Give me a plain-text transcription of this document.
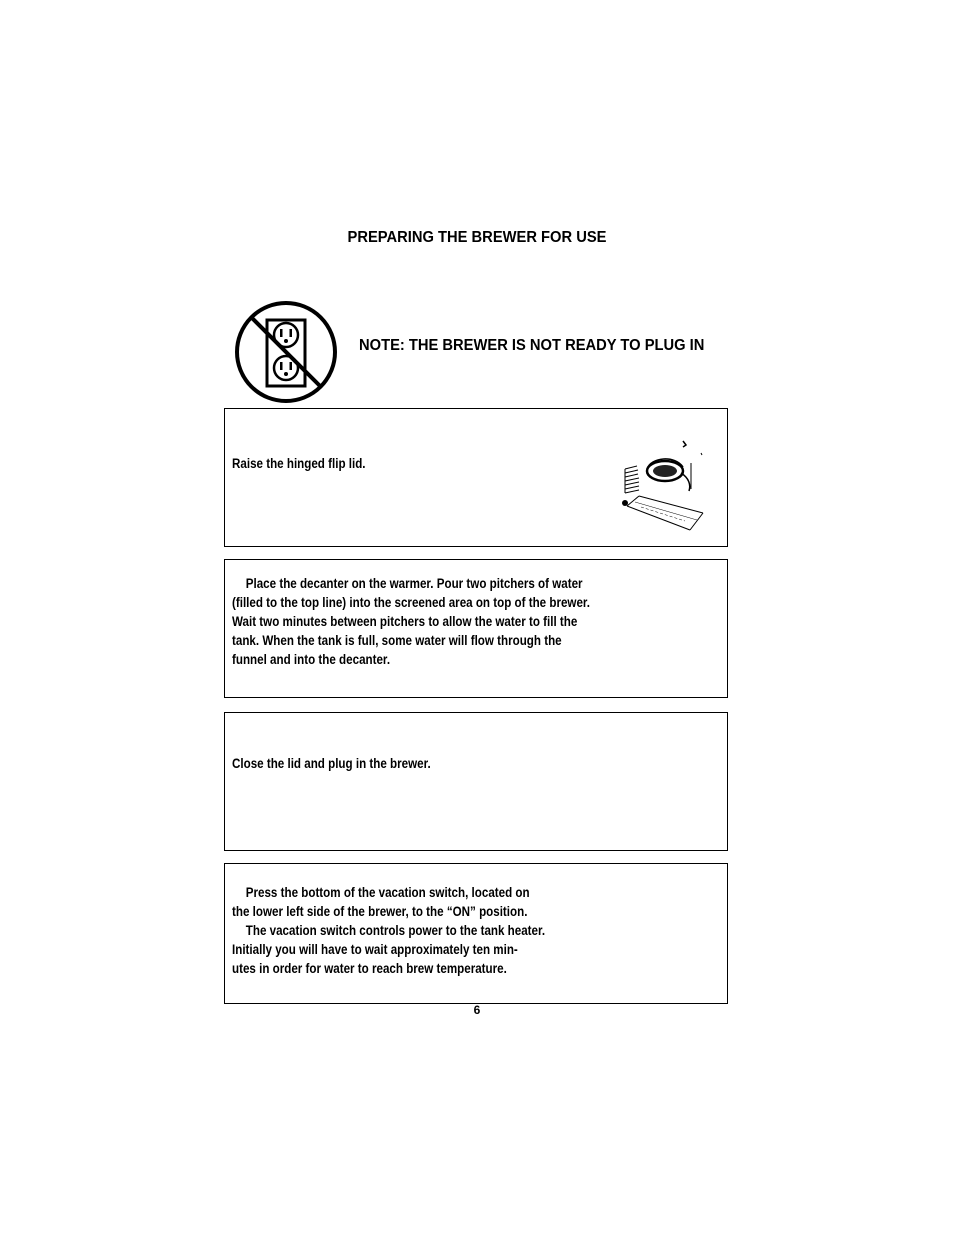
PREPARING THE BREWER FOR USE
NOTE: THE BREWER IS NOT READY TO PLUG IN
Raise the hinged flip lid.
Place the decanter on the warmer. Pour two pitchers of water
(filled to the top line) into the screened area on top of the brewer.
Wait two minutes between pitchers to allow the water to fill the
tank. When the tank is full, some water will flow through the
funnel and into the decanter.
Close the lid and plug in the brewer.
Press the bottom of the vacation switch, located on
the lower left side of the brewer, to the “ON” position.
The vacation switch controls power to the tank heater.
Initially you will have to wait approximately ten min-
utes in order for water to reach brew temperature.
6
